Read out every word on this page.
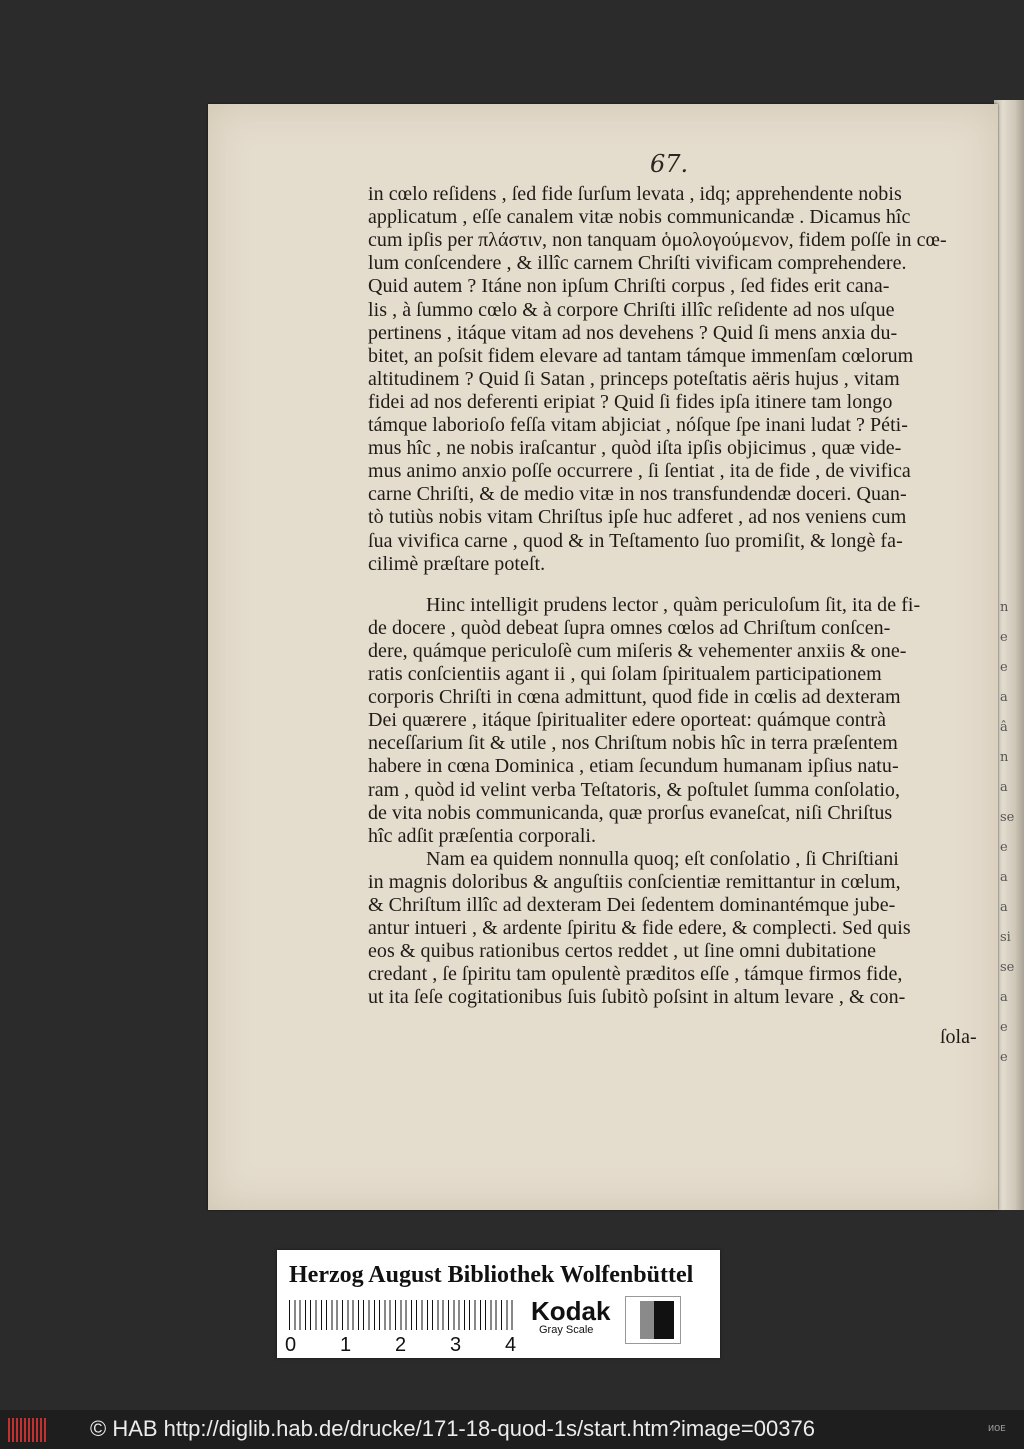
n
e
e
a
â
n
a
se
e
a
a
si
se
a
e
e
67.
in cœlo reſidens , ſed fide ſurſum levata , idq; apprehendente nobis
applicatum , eſſe canalem vitæ nobis communicandæ . Dicamus hîc
cum ipſis per πλάστιν, non tanquam ὁμολογούμενον, fidem poſſe in cœ-
lum conſcendere , & illîc carnem Chriſti vivificam comprehendere.
Quid autem ? Itáne non ipſum Chriſti corpus , ſed fides erit cana-
lis , à ſummo cœlo & à corpore Chriſti illîc reſidente ad nos uſque
pertinens , itáque vitam ad nos devehens ? Quid ſi mens anxia du-
bitet, an poſsit fidem elevare ad tantam támque immenſam cœlorum
altitudinem ? Quid ſi Satan , princeps poteſtatis aëris hujus , vitam
fidei ad nos deferenti eripiat ? Quid ſi fides ipſa itinere tam longo
támque laborioſo feſſa vitam abjiciat , nóſque ſpe inani ludat ? Péti-
mus hîc , ne nobis iraſcantur , quòd iſta ipſis objicimus , quæ vide-
mus animo anxio poſſe occurrere , ſi ſentiat , ita de fide , de vivifica
carne Chriſti, & de medio vitæ in nos transfundendæ doceri. Quan-
tò tutiùs nobis vitam Chriſtus ipſe huc adferet , ad nos veniens cum
ſua vivifica carne , quod & in Teſtamento ſuo promiſit, & longè fa-
cilimè præſtare poteſt.
Hinc intelligit prudens lector , quàm periculoſum ſit, ita de fi-
de docere , quòd debeat ſupra omnes cœlos ad Chriſtum conſcen-
dere, quámque periculoſè cum miſeris & vehementer anxiis & one-
ratis conſcientiis agant ii , qui ſolam ſpiritualem participationem
corporis Chriſti in cœna admittunt, quod fide in cœlis ad dexteram
Dei quærere , itáque ſpiritualiter edere oporteat: quámque contrà
neceſſarium ſit & utile , nos Chriſtum nobis hîc in terra præſentem
habere in cœna Dominica , etiam ſecundum humanam ipſius natu-
ram , quòd id velint verba Teſtatoris, & poſtulet ſumma conſolatio,
de vita nobis communicanda, quæ prorſus evaneſcat, niſi Chriſtus
hîc adſit præſentia corporali.
Nam ea quidem nonnulla quoq; eſt conſolatio , ſi Chriſtiani
in magnis doloribus & anguſtiis conſcientiæ remittantur in cœlum,
& Chriſtum illîc ad dexteram Dei ſedentem dominantémque jube-
antur intueri , & ardente ſpiritu & fide edere, & complecti. Sed quis
eos & quibus rationibus certos reddet , ut ſine omni dubitatione
credant , ſe ſpiritu tam opulentè præditos eſſe , támque firmos fide,
ut ita ſeſe cogitationibus ſuis ſubitò poſsint in altum levare , & con-
ſola-
Herzog August Bibliothek Wolfenbüttel
0 1 2 3 4
Kodak
Gray Scale
© HAB http://diglib.hab.de/drucke/171-18-quod-1s/start.htm?image=00376	ᴎᴏᴇ
